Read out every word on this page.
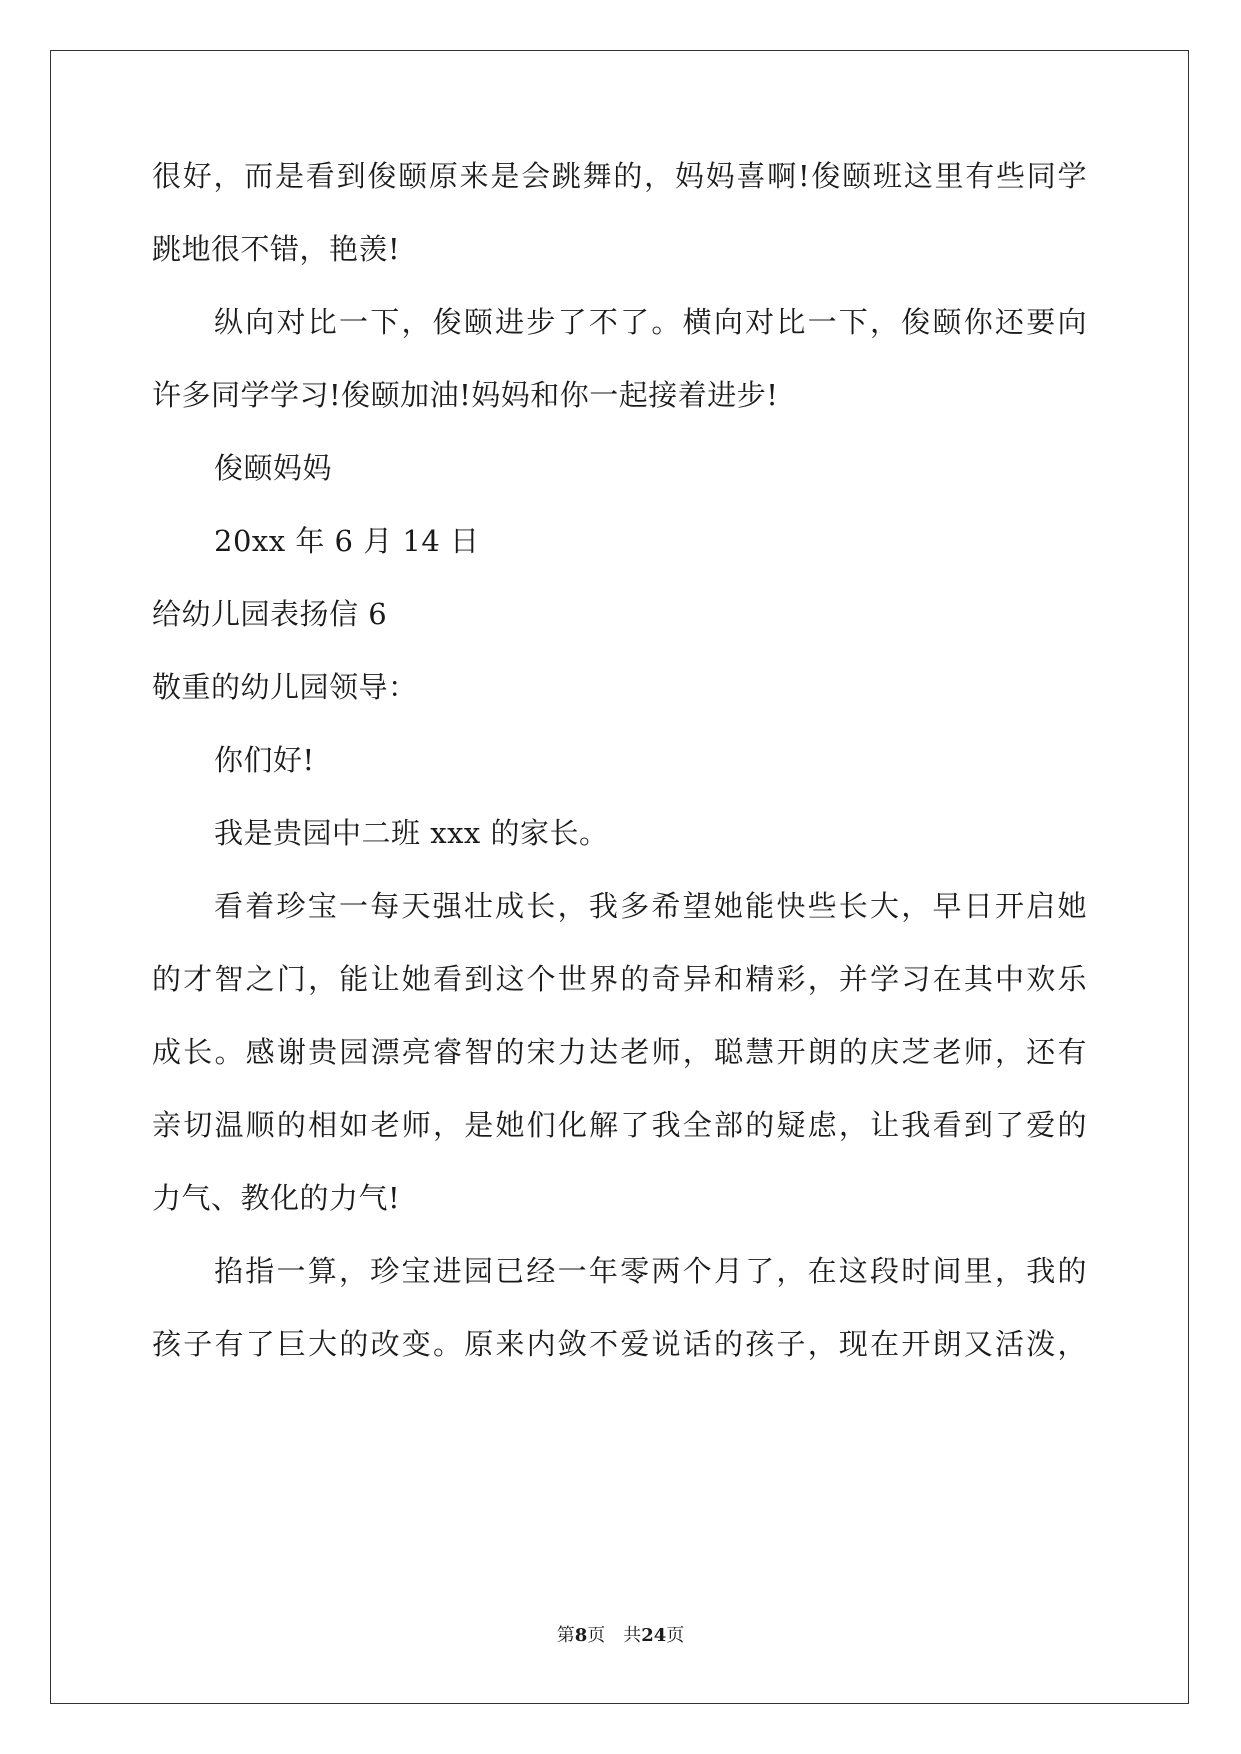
很好，而是看到俊颐原来是会跳舞的，妈妈喜啊!俊颐班这里有些同学
跳地很不错，艳羡!
纵向对比一下，俊颐进步了不了。横向对比一下，俊颐你还要向
许多同学学习!俊颐加油!妈妈和你一起接着进步!
俊颐妈妈
20xx 年 6 月 14 日
给幼儿园表扬信 6
敬重的幼儿园领导：
你们好!
我是贵园中二班 xxx 的家长。
看着珍宝一每天强壮成长，我多希望她能快些长大，早日开启她
的才智之门，能让她看到这个世界的奇异和精彩，并学习在其中欢乐
成长。感谢贵园漂亮睿智的宋力达老师，聪慧开朗的庆芝老师，还有
亲切温顺的相如老师，是她们化解了我全部的疑虑，让我看到了爱的
力气、教化的力气!
掐指一算，珍宝进园已经一年零两个月了，在这段时间里，我的
孩子有了巨大的改变。原来内敛不爱说话的孩子，现在开朗又活泼，
第8页 共24页
